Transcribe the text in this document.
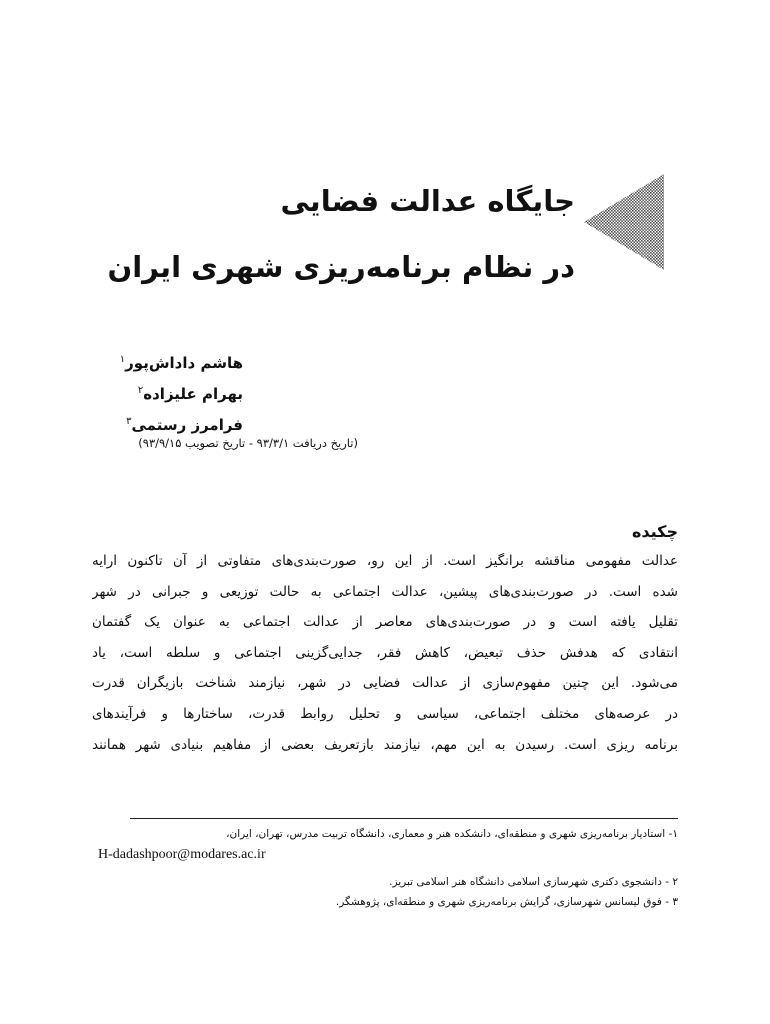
جایگاه عدالت فضایی
در نظام برنامه‌ریزی شهری ایران
هاشم داداش‌پور$^۱$
بهرام علیزاده$^۲$
فرامرز رستمی$^۳$
(تاریخ دریافت ۹۳/۳/۱ - تاریخ تصویب ۹۳/۹/۱۵)
چکیده
عدالت مفهومی مناقشه برانگیز است. از این رو، صورت‌بندی‌های متفاوتی از آن تاکنون ارایه
شده است. در صورت‌بندی‌های پیشین، عدالت اجتماعی به حالت توزیعی و جبرانی در شهر
تقلیل یافته است و در صورت‌بندی‌های معاصر از عدالت اجتماعی به عنوان یک گفتمان
انتقادی که هدفش حذف تبعیض، کاهش فقر، جدایی‌گزینی اجتماعی و سلطه است، یاد
می‌شود. این چنین مفهوم‌سازی از عدالت فضایی در شهر، نیازمند شناخت بازیگران قدرت
در عرصه‌های مختلف اجتماعی، سیاسی و تحلیل روابط قدرت، ساختارها و فرآیندهای
برنامه ریزی است. رسیدن به این مهم، نیازمند بازتعریف بعضی از مفاهیم بنیادی شهر همانند
۱- استادیار برنامه‌ریزی شهری و منطقه‌ای، دانشکده هنر و معماری، دانشگاه تربیت مدرس، تهران، ایران،
H-dadashpoor@modares.ac.ir
۲ - دانشجوی دکتری شهرسازی اسلامی دانشگاه هنر اسلامی تبریز.
۳ - فوق لیسانس شهرسازی، گرایش برنامه‌ریزی شهری و منطقه‌ای، پژوهشگر.
